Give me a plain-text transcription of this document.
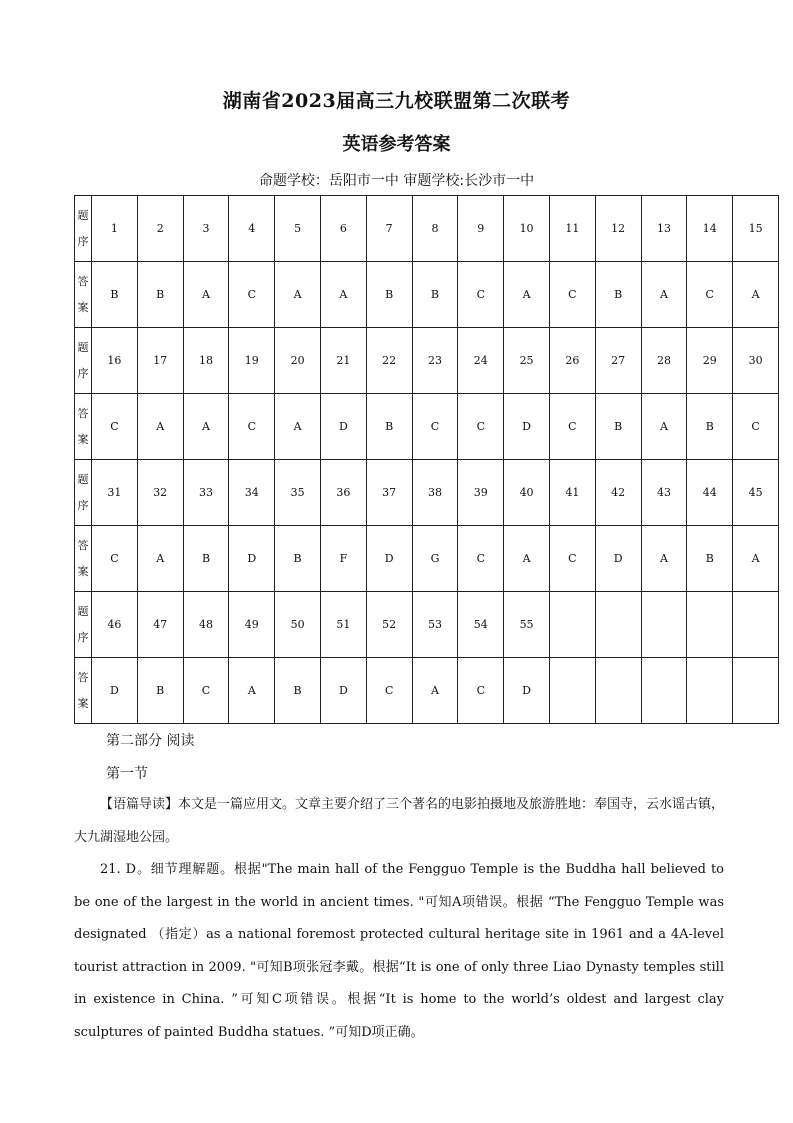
湖南省2023届高三九校联盟第二次联考
英语参考答案
命题学校：岳阳市一中 审题学校:长沙市一中
题
序	1	2	3	4	5	6	7	8	9	10	11	12	13	14	15

答
案	B	B	A	C	A	A	B	B	C	A	C	B	A	C	A

题
序	16	17	18	19	20	21	22	23	24	25	26	27	28	29	30

答
案	C	A	A	C	A	D	B	C	C	D	C	B	A	B	C

题
序	31	32	33	34	35	36	37	38	39	40	41	42	43	44	45

答
案	C	A	B	D	B	F	D	G	C	A	C	D	A	B	A

题
序	46	47	48	49	50	51	52	53	54	55					

答
案	D	B	C	A	B	D	C	A	C	D					
第二部分 阅读
第一节

【语篇导读】本文是一篇应用文。文章主要介绍了三个著名的电影拍摄地及旅游胜地：奉国寺，云水谣古镇，大九湖湿地公园。

21. D。细节理解题。根据"The main hall of the Fengguo Temple is the Buddha hall believed to be one of the largest in the world in ancient times. "可知A项错误。根据 “The Fengguo Temple was designated （指定）as a national foremost protected cultural heritage site in 1961 and a 4A-level tourist attraction in 2009. "可知B项张冠李戴。根据“It is one of only three Liao Dynasty temples still in existence in China. ”可知C项错误。根据“It is home to the world’s oldest and largest clay sculptures of painted Buddha statues. ”可知D项正确。
